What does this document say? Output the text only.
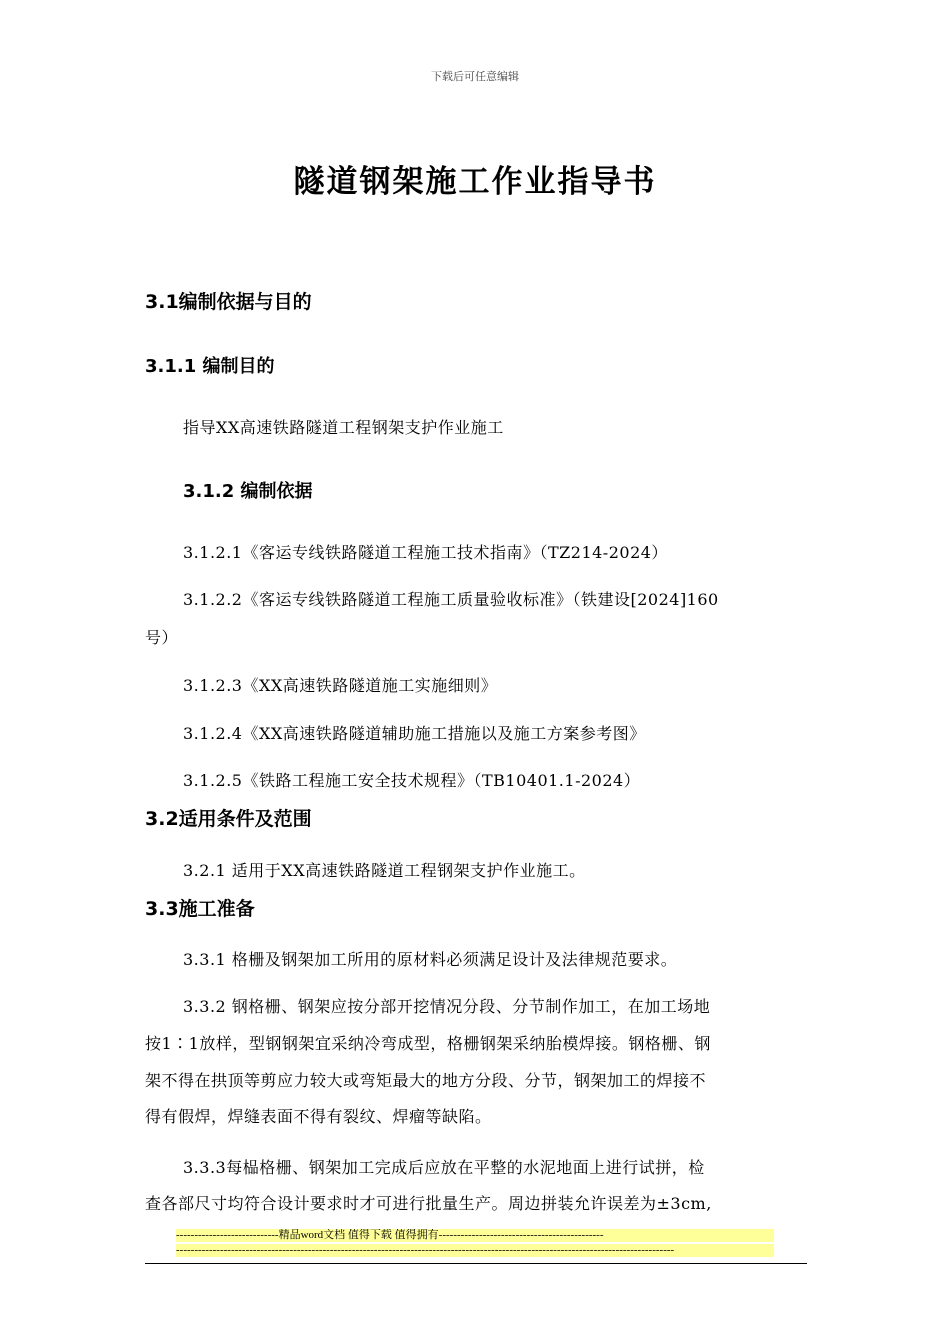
下载后可任意编辑
隧道钢架施工作业指导书
3.1编制依据与目的
3.1.1 编制目的
指导XX高速铁路隧道工程钢架支护作业施工
3.1.2 编制依据
3.1.2.1《客运专线铁路隧道工程施工技术指南》（TZ214-2024）
3.1.2.2《客运专线铁路隧道工程施工质量验收标准》（铁建设[2024]160
号）
3.1.2.3《XX高速铁路隧道施工实施细则》
3.1.2.4《XX高速铁路隧道辅助施工措施以及施工方案参考图》
3.1.2.5《铁路工程施工安全技术规程》（TB10401.1-2024）
3.2适用条件及范围
3.2.1 适用于XX高速铁路隧道工程钢架支护作业施工。
3.3施工准备
3.3.1 格栅及钢架加工所用的原材料必须满足设计及法律规范要求。
3.3.2 钢格栅、钢架应按分部开挖情况分段、分节制作加工，在加工场地
按1∶1放样，型钢钢架宜采纳冷弯成型，格栅钢架采纳胎模焊接。钢格栅、钢
架不得在拱顶等剪应力较大或弯矩最大的地方分段、分节，钢架加工的焊接不
得有假焊，焊缝表面不得有裂纹、焊瘤等缺陷。
3.3.3每榀格栅、钢架加工完成后应放在平整的水泥地面上进行试拼，检
查各部尺寸均符合设计要求时才可进行批量生产。周边拼装允许误差为±3cm,
----------------------------精品word文档 值得下载 值得拥有---------------------------------------------
----------------------------------------------------------------------------------------------------------------------------------------
